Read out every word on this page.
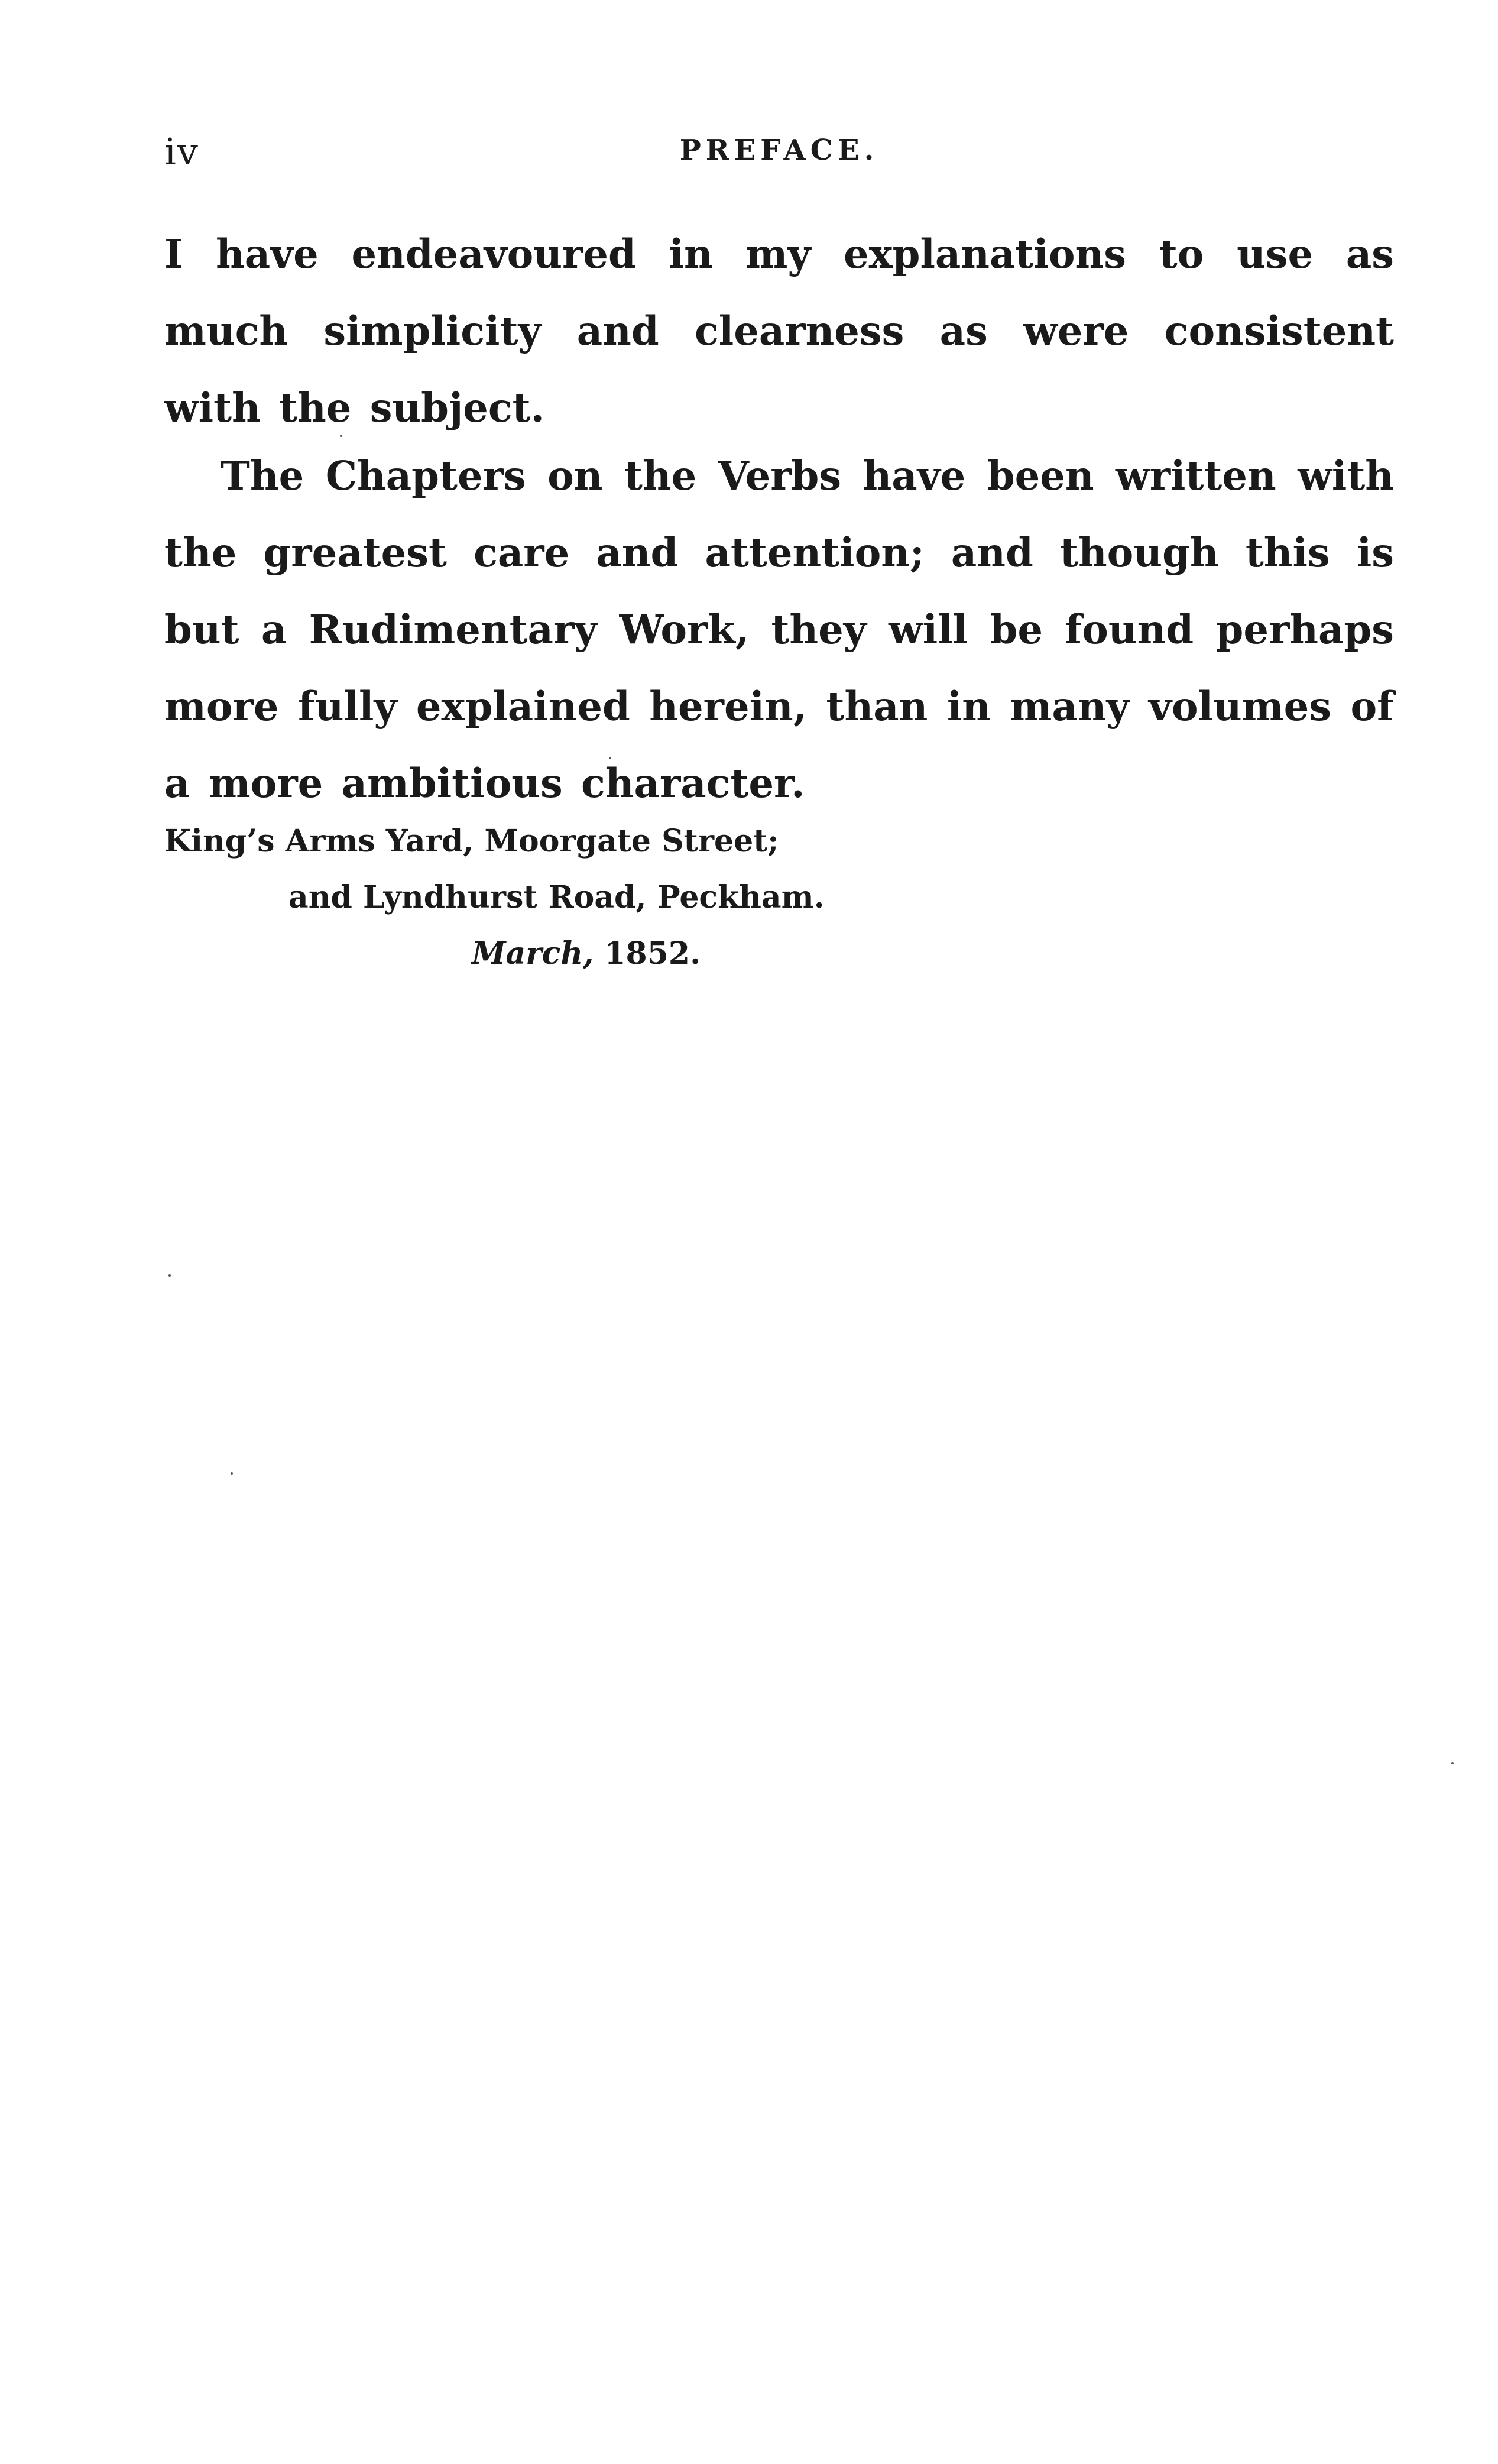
iv	PREFACE.

I have endeavoured in my explanations to use as much simplicity and clearness as were consistent with the subject.

The Chapters on the Verbs have been written with the greatest care and attention; and though this is but a Rudimentary Work, they will be found perhaps more fully explained herein, than in many volumes of a more ambitious character.

King’s Arms Yard, Moorgate Street;
and Lyndhurst Road, Peckham.
March, 1852.
